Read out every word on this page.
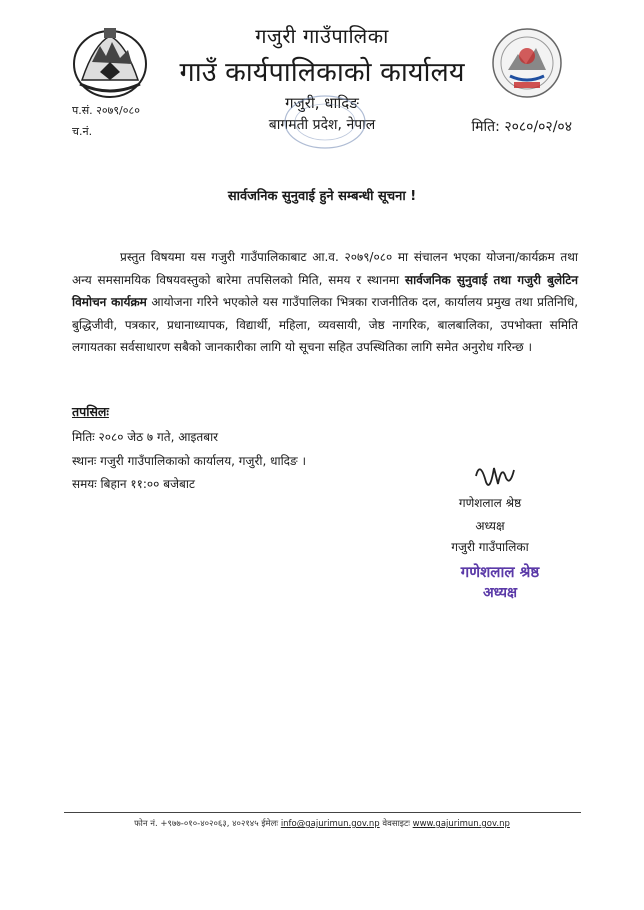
गजुरी गाउँपालिका
गाउँ कार्यपालिकाको कार्यालय
गजुरी, धादिङ
बागमती प्रदेश, नेपाल
प.सं. २०७९/०८०
च.नं.	मिति: २०८०/०२/०४
सार्वजनिक सुनुवाई हुने सम्बन्धी सूचना !
प्रस्तुत विषयमा यस गजुरी गाउँपालिकाबाट आ.व. २०७९/०८० मा संचालन भएका योजना/कार्यक्रम तथा अन्य समसामयिक विषयवस्तुको बारेमा तपसिलको मिति, समय र स्थानमा सार्वजनिक सुनुवाई तथा गजुरी बुलेटिन विमोचन कार्यक्रम आयोजना गरिने भएकोले यस गाउँपालिका भित्रका राजनीतिक दल, कार्यालय प्रमुख तथा प्रतिनिधि, बुद्धिजीवी, पत्रकार, प्रधानाध्यापक, विद्यार्थी, महिला, व्यवसायी, जेष्ठ नागरिक, बालबालिका, उपभोक्ता समिति लगायतका सर्वसाधारण सबैको जानकारीका लागि यो सूचना सहित उपस्थितिका लागि समेत अनुरोध गरिन्छ ।
तपसिलः
मितिः २०८० जेठ ७ गते, आइतबार
स्थानः गजुरी गाउँपालिकाको कार्यालय, गजुरी, धादिङ ।
समयः बिहान ११:०० बजेबाट
गणेशलाल श्रेष्ठ
अध्यक्ष
गजुरी गाउँपालिका
गणेशलाल श्रेष्ठ
अध्यक्ष
फोन नं. +९७७-०१०-४०२०६३, ४०२१४५ ईमेलः info@gajurimun.gov.np वेवसाइटः www.gajurimun.gov.np
